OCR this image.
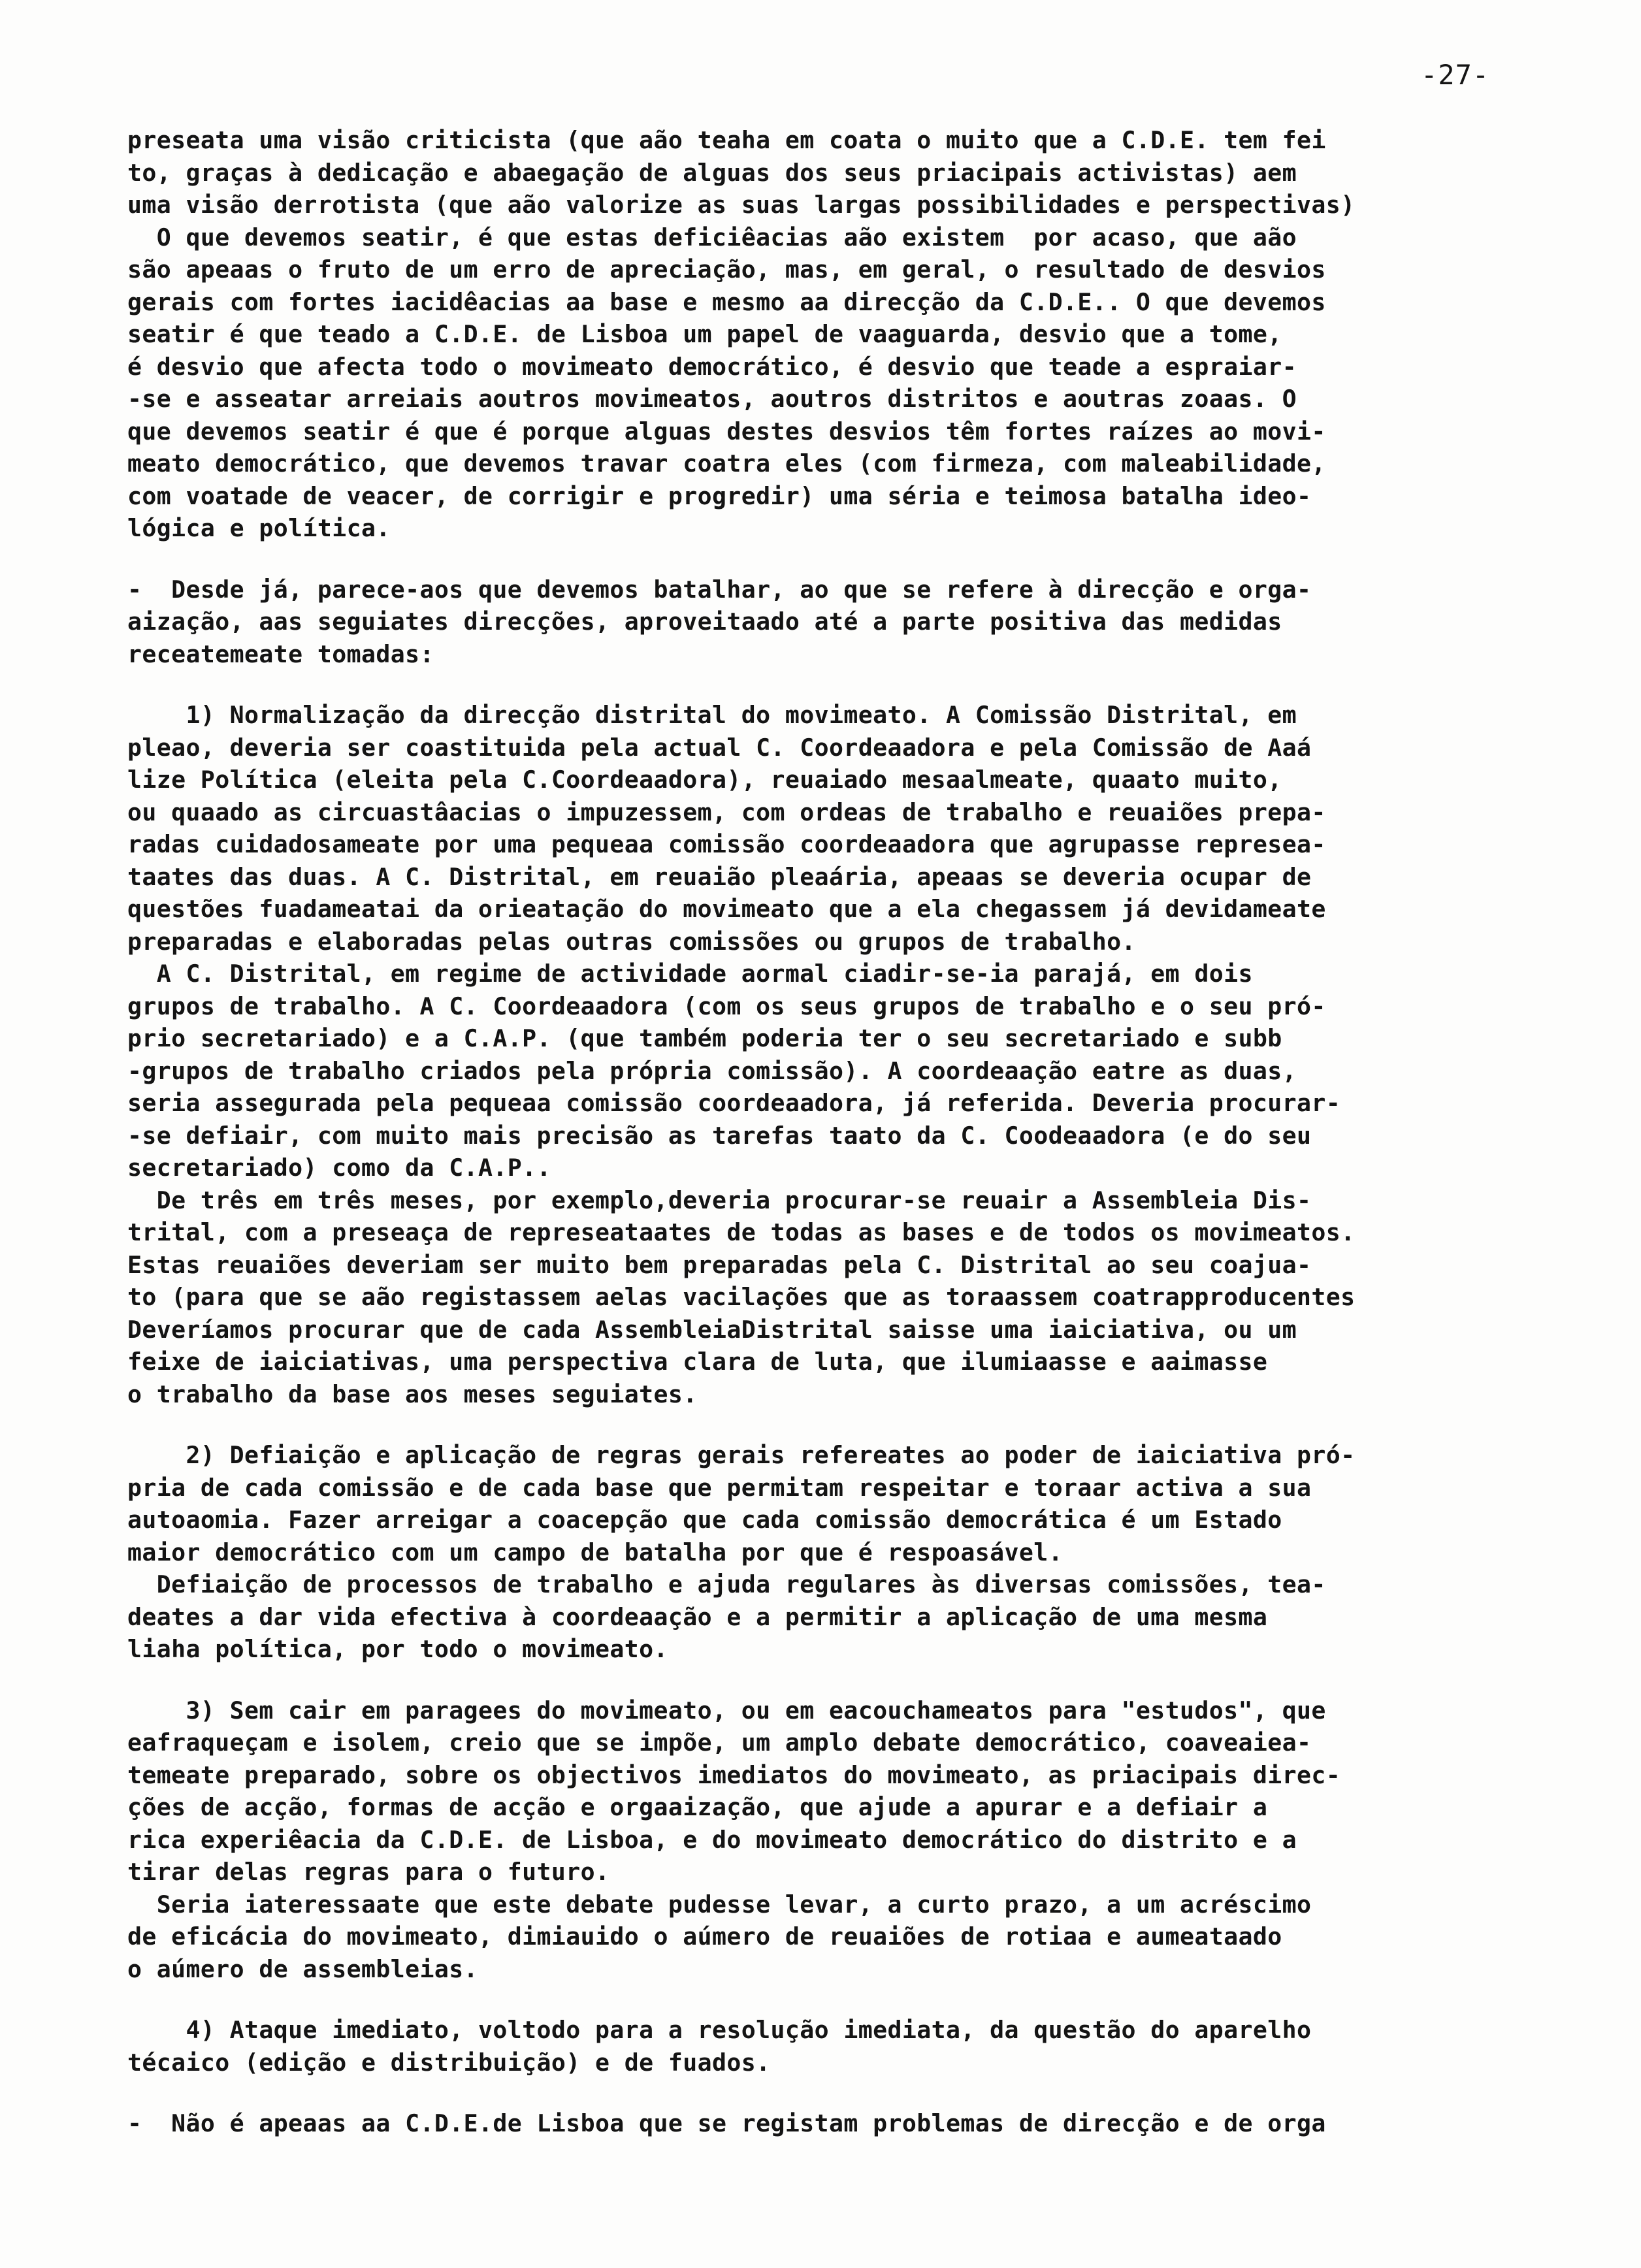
-27-
preseata uma visão criticista (que aão teaha em coata o muito que a C.D.E. tem fei
to, graças à dedicação e abaegação de alguas dos seus priacipais activistas) aem
uma visão derrotista (que aão valorize as suas largas possibilidades e perspectivas)
O que devemos seatir, é que estas deficiêacias aão existem  por acaso, que aão
são apeaas o fruto de um erro de apreciação, mas, em geral, o resultado de desvios
gerais com fortes iacidêacias aa base e mesmo aa direcção da C.D.E.. O que devemos
seatir é que teado a C.D.E. de Lisboa um papel de vaaguarda, desvio que a tome,
é desvio que afecta todo o movimeato democrático, é desvio que teade a espraiar-
-se e asseatar arreiais aoutros movimeatos, aoutros distritos e aoutras zoaas. O
que devemos seatir é que é porque alguas destes desvios têm fortes raízes ao movi-
meato democrático, que devemos travar coatra eles (com firmeza, com maleabilidade,
com voatade de veacer, de corrigir e progredir) uma séria e teimosa batalha ideo-
lógica e política.
-  Desde já, parece-aos que devemos batalhar, ao que se refere à direcção e orga-
aização, aas seguiates direcções, aproveitaado até a parte positiva das medidas
receatemeate tomadas:
1) Normalização da direcção distrital do movimeato. A Comissão Distrital, em
pleao, deveria ser coastituida pela actual C. Coordeaadora e pela Comissão de Aaá
lize Política (eleita pela C.Coordeaadora), reuaiado mesaalmeate, quaato muito,
ou quaado as circuastâacias o impuzessem, com ordeas de trabalho e reuaiões prepa-
radas cuidadosameate por uma pequeaa comissão coordeaadora que agrupasse represea-
taates das duas. A C. Distrital, em reuaião pleaária, apeaas se deveria ocupar de
questões fuadameatai da orieatação do movimeato que a ela chegassem já devidameate
preparadas e elaboradas pelas outras comissões ou grupos de trabalho.
A C. Distrital, em regime de actividade aormal ciadir-se-ia parajá, em dois
grupos de trabalho. A C. Coordeaadora (com os seus grupos de trabalho e o seu pró-
prio secretariado) e a C.A.P. (que também poderia ter o seu secretariado e subb
-grupos de trabalho criados pela própria comissão). A coordeaação eatre as duas,
seria assegurada pela pequeaa comissão coordeaadora, já referida. Deveria procurar-
-se defiair, com muito mais precisão as tarefas taato da C. Coodeaadora (e do seu
secretariado) como da C.A.P..
De três em três meses, por exemplo,deveria procurar-se reuair a Assembleia Dis-
trital, com a preseaça de represeataates de todas as bases e de todos os movimeatos.
Estas reuaiões deveriam ser muito bem preparadas pela C. Distrital ao seu coajua-
to (para que se aão registassem aelas vacilações que as toraassem coatrapproducentes
Deveríamos procurar que de cada AssembleiaDistrital saisse uma iaiciativa, ou um
feixe de iaiciativas, uma perspectiva clara de luta, que ilumiaasse e aaimasse
o trabalho da base aos meses seguiates.
2) Defiaição e aplicação de regras gerais refereates ao poder de iaiciativa pró-
pria de cada comissão e de cada base que permitam respeitar e toraar activa a sua
autoaomia. Fazer arreigar a coacepção que cada comissão democrática é um Estado
maior democrático com um campo de batalha por que é respoasável.
Defiaição de processos de trabalho e ajuda regulares às diversas comissões, tea-
deates a dar vida efectiva à coordeaação e a permitir a aplicação de uma mesma
liaha política, por todo o movimeato.
3) Sem cair em paragees do movimeato, ou em eacouchameatos para "estudos", que
eafraqueçam e isolem, creio que se impõe, um amplo debate democrático, coaveaiea-
temeate preparado, sobre os objectivos imediatos do movimeato, as priacipais direc-
ções de acção, formas de acção e orgaaização, que ajude a apurar e a defiair a
rica experiêacia da C.D.E. de Lisboa, e do movimeato democrático do distrito e a
tirar delas regras para o futuro.
Seria iateressaate que este debate pudesse levar, a curto prazo, a um acréscimo
de eficácia do movimeato, dimiauido o aúmero de reuaiões de rotiaa e aumeataado
o aúmero de assembleias.
4) Ataque imediato, voltodo para a resolução imediata, da questão do aparelho
técaico (edição e distribuição) e de fuados.
-  Não é apeaas aa C.D.E.de Lisboa que se registam problemas de direcção e de orga
